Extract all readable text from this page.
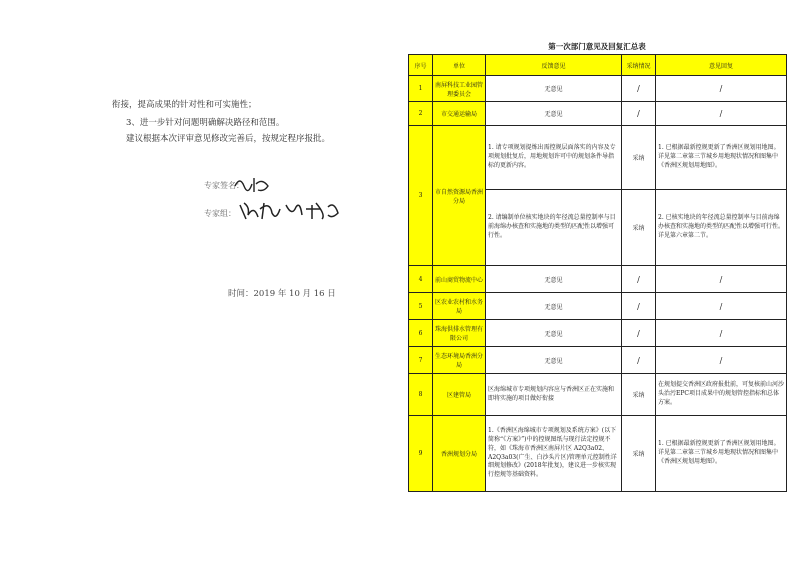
衔接，提高成果的针对性和可实施性；
3、进一步针对问题明确解决路径和范围。
建议根据本次评审意见修改完善后，按规定程序报批。
专家签名：
专家组：
时间：2019 年 10 月 16 日
第一次部门意见及回复汇总表
序号	单位	反馈意见	采纳情况	意见回复
1	南屏科技工业园管理委员会	无意见	/	/
2	市交通运输局	无意见	/	/
3	市自然资源局香洲分局	1. 请专项规划提炼出需控规层面落实的内容及专项规划批复后，用地规划许可中的规划条件导指标的更新内容。	采纳	1. 已根据最新控规更新了香洲区规划用地图。详见第二章第三节城乡用地现状情况和图集中《香洲区规划用地图》。
		2. 请编制单位核实地块的年径流总量控制率与目前海绵办核查和实施地的类型的匹配性以增强可行性。	采纳	2. 已核实地块的年径流总量控制率与目前海绵办核查和实施地的类型的匹配性以增强可行性。详见第六章第二节。
4	前山商贸物流中心	无意见	/	/
5	区农业农村和水务局	无意见	/	/
6	珠海供排水管理有限公司	无意见	/	/
7	生态环境局香洲分局	无意见	/	/
8	区建管局	区海绵城市专项规划内容应与香洲区正在实施和即将实施的项目做好衔接	采纳	在规划提交香洲区政府报批前，可复核前山河沙头治污EPC项目成果中的规划管控指标和总体方案。
9	香洲规划分局	1.《香洲区海绵城市专项规划及系统方案》(以下简称“《方案》”)中的控规图纸与现行法定控规不符，如《珠海市香洲区南屏片区 A2Q3a02、A2Q3a03(广生、白沙头片区)管理单元控制性详细规划修改》(2018年批复)，建议进一步核实现行控规等基础资料。	采纳	1. 已根据最新控规更新了香洲区规划用地图。详见第二章第三节城乡用地现状情况和图集中《香洲区规划用地图》。
